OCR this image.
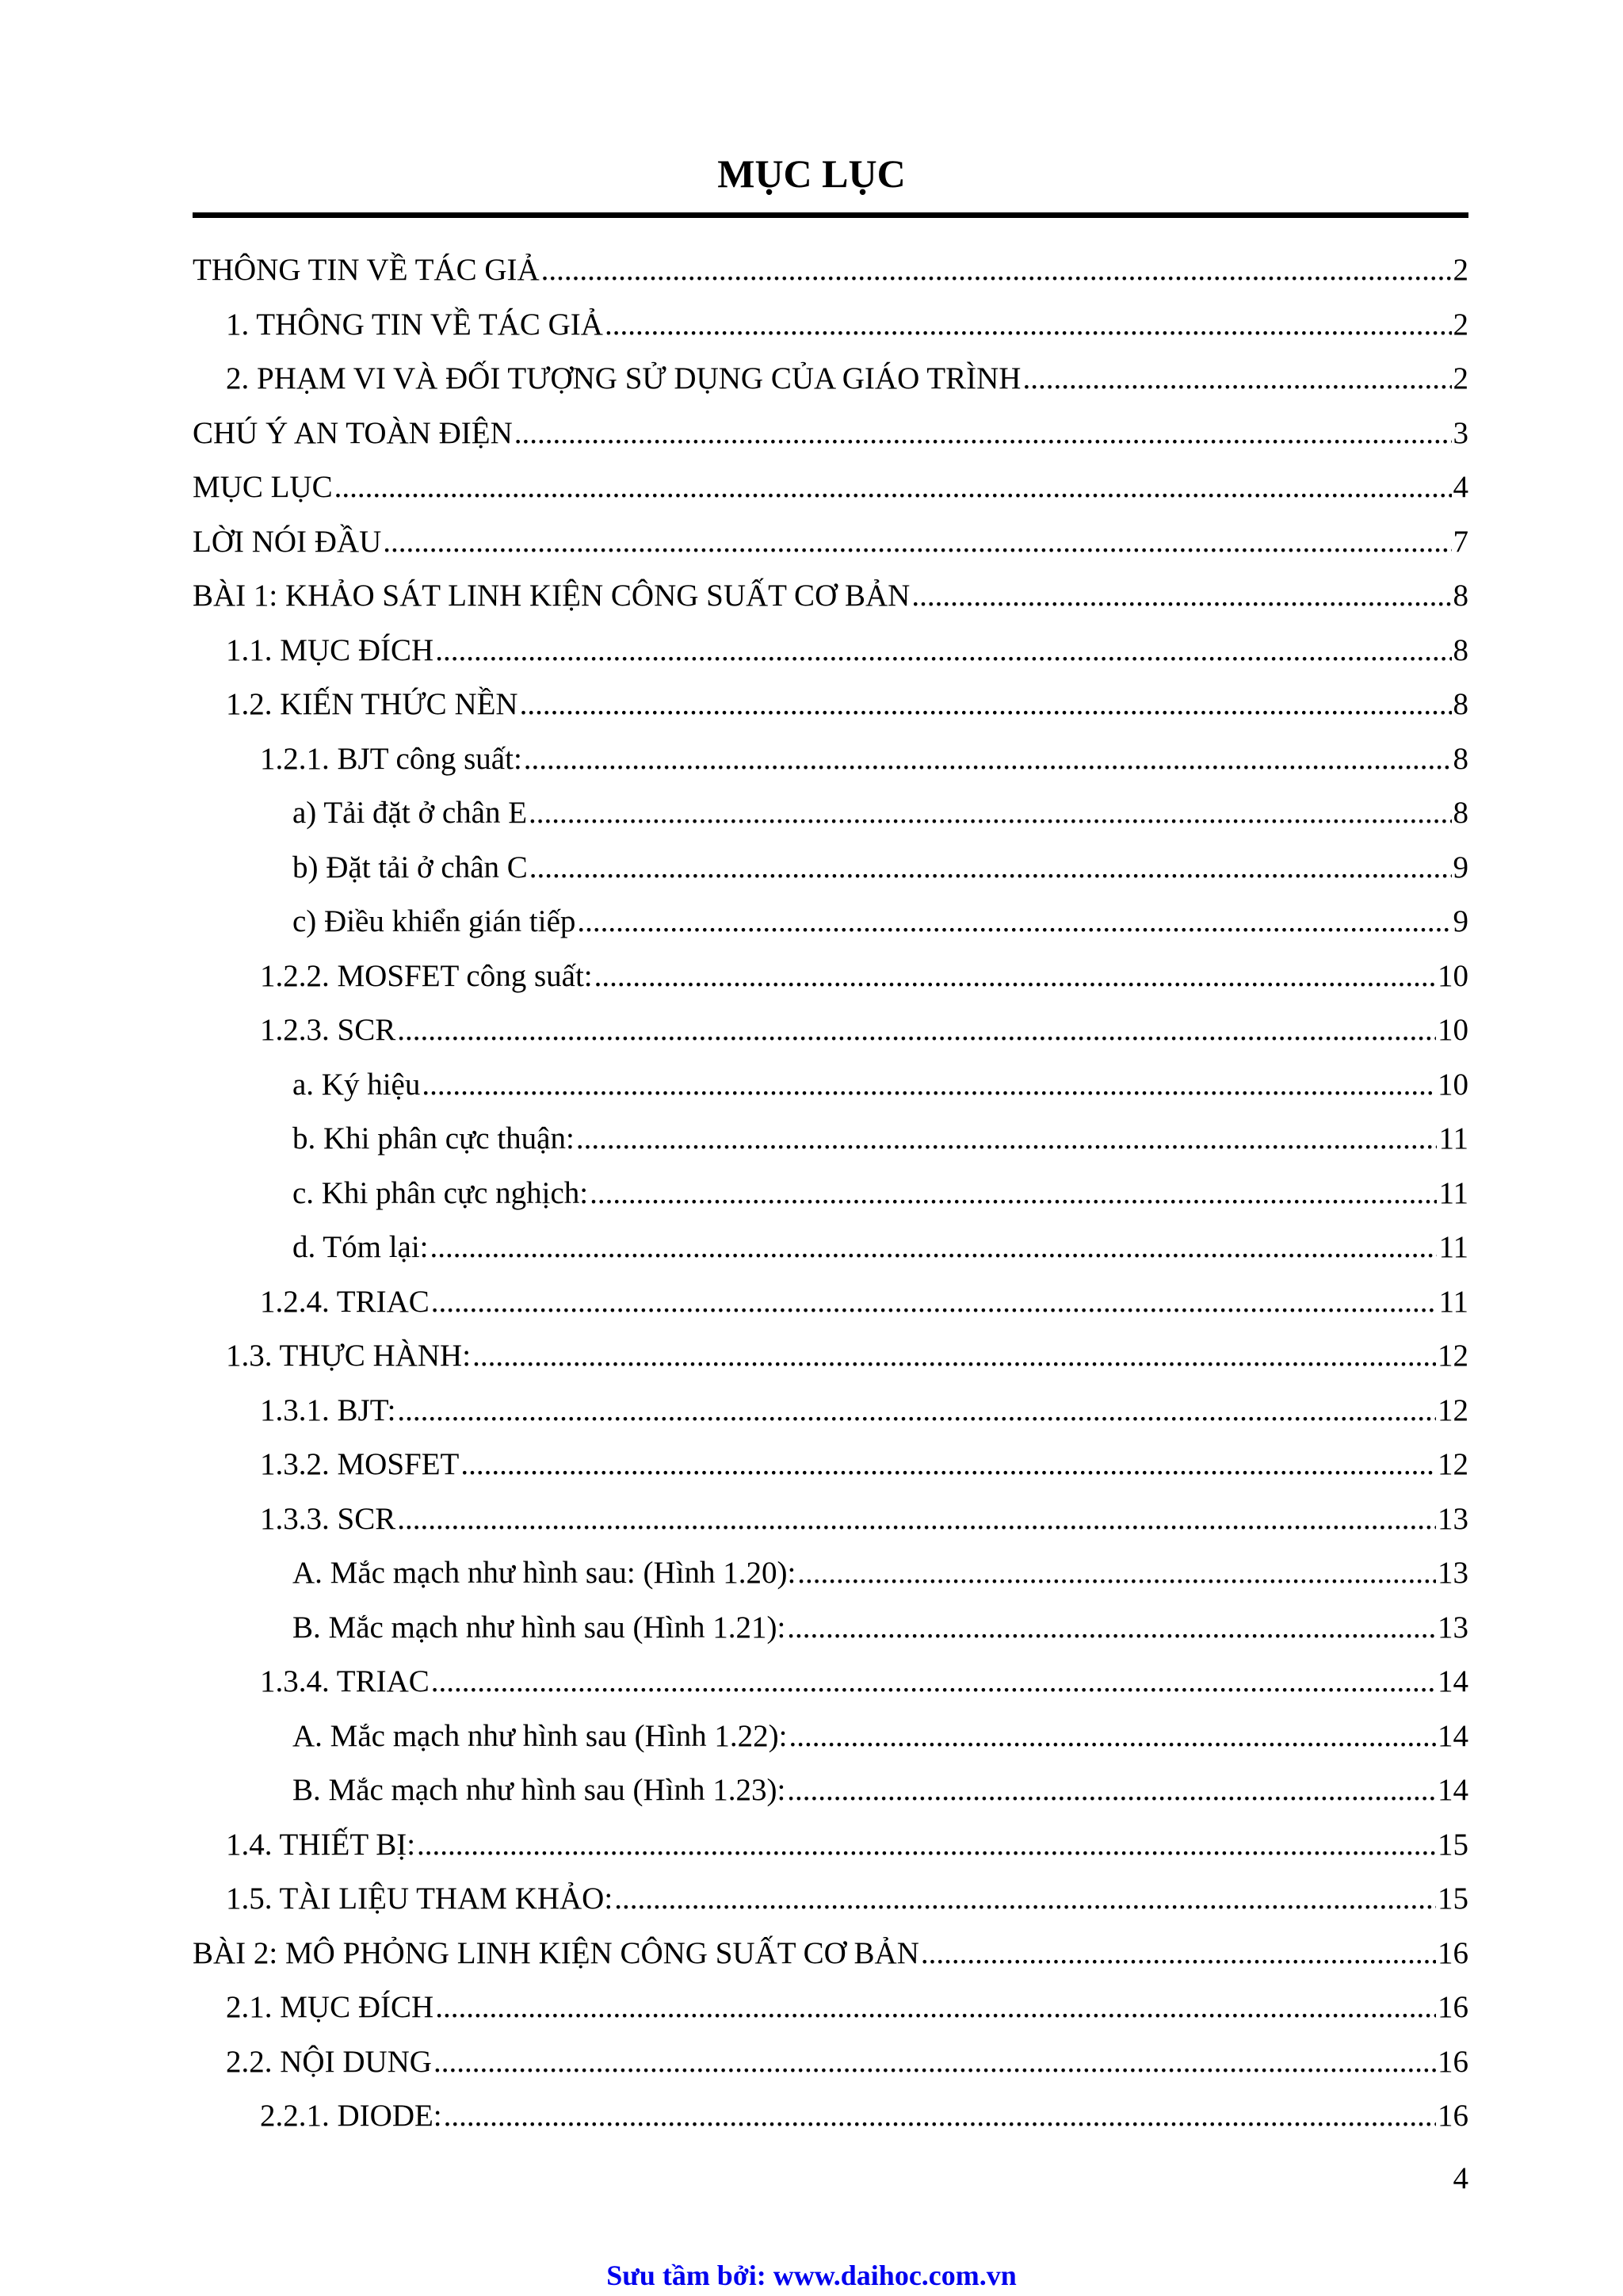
MỤC LỤC
THÔNG TIN VỀ TÁC GIẢ .....	2
1. THÔNG TIN VỀ TÁC GIẢ .....	2
2. PHẠM VI VÀ ĐỐI TƯỢNG SỬ DỤNG CỦA GIÁO TRÌNH .....	2
CHÚ Ý AN TOÀN ĐIỆN .....	3
MỤC LỤC .....	4
LỜI NÓI ĐẦU .....	7
BÀI 1: KHẢO SÁT LINH KIỆN CÔNG SUẤT CƠ BẢN .....	8
1.1. MỤC ĐÍCH .....	8
1.2. KIẾN THỨC NỀN .....	8
1.2.1. BJT công suất: .....	8
a) Tải đặt ở chân E .....	8
b) Đặt tải ở chân C .....	9
c) Điều khiển gián tiếp .....	9
1.2.2. MOSFET công suất: .....	10
1.2.3. SCR .....	10
a. Ký hiệu .....	10
b. Khi phân cực thuận: .....	11
c. Khi phân cực nghịch: .....	11
d. Tóm lại: .....	11
1.2.4. TRIAC .....	11
1.3. THỰC HÀNH: .....	12
1.3.1. BJT: .....	12
1.3.2. MOSFET .....	12
1.3.3. SCR .....	13
A. Mắc mạch như hình sau: (Hình 1.20): .....	13
B. Mắc mạch như hình sau (Hình 1.21): .....	13
1.3.4. TRIAC .....	14
A. Mắc mạch như hình sau (Hình 1.22): .....	14
B. Mắc mạch như hình sau (Hình 1.23): .....	14
1.4. THIẾT BỊ: .....	15
1.5. TÀI LIỆU THAM KHẢO: .....	15
BÀI 2: MÔ PHỎNG LINH KIỆN CÔNG SUẤT CƠ BẢN .....	16
2.1. MỤC ĐÍCH .....	16
2.2. NỘI DUNG .....	16
2.2.1. DIODE: .....	16
4
Sưu tầm bởi: www.daihoc.com.vn
